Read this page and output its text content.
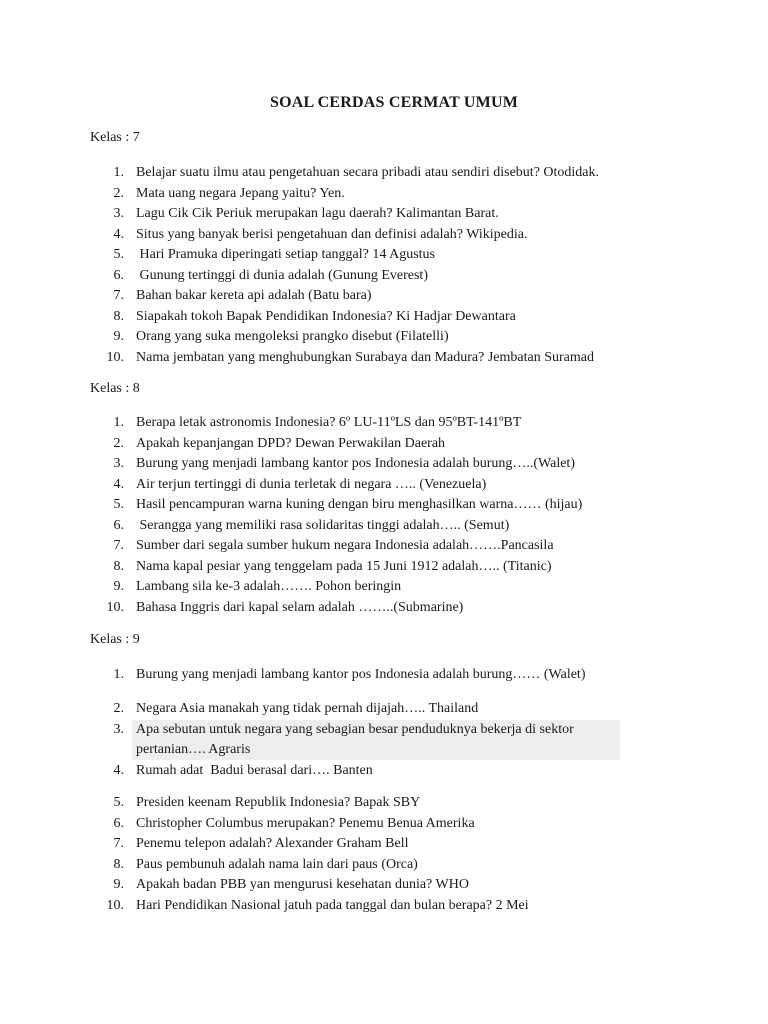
SOAL CERDAS CERMAT UMUM
Kelas : 7
1. Belajar suatu ilmu atau pengetahuan secara pribadi atau sendiri disebut? Otodidak.
2. Mata uang negara Jepang yaitu? Yen.
3. Lagu Cik Cik Periuk merupakan lagu daerah? Kalimantan Barat.
4. Situs yang banyak berisi pengetahuan dan definisi adalah? Wikipedia.
5. Hari Pramuka diperingati setiap tanggal? 14 Agustus
6. Gunung tertinggi di dunia adalah (Gunung Everest)
7. Bahan bakar kereta api adalah (Batu bara)
8. Siapakah tokoh Bapak Pendidikan Indonesia? Ki Hadjar Dewantara
9. Orang yang suka mengoleksi prangko disebut (Filatelli)
10. Nama jembatan yang menghubungkan Surabaya dan Madura? Jembatan Suramad
Kelas : 8
1. Berapa letak astronomis Indonesia? 6º LU-11ºLS dan 95ºBT-141ºBT
2. Apakah kepanjangan DPD? Dewan Perwakilan Daerah
3. Burung yang menjadi lambang kantor pos Indonesia adalah burung…..(Walet)
4. Air terjun tertinggi di dunia terletak di negara ….. (Venezuela)
5. Hasil pencampuran warna kuning dengan biru menghasilkan warna…… (hijau)
6. Serangga yang memiliki rasa solidaritas tinggi adalah….. (Semut)
7. Sumber dari segala sumber hukum negara Indonesia adalah…….Pancasila
8. Nama kapal pesiar yang tenggelam pada 15 Juni 1912 adalah….. (Titanic)
9. Lambang sila ke-3 adalah……. Pohon beringin
10. Bahasa Inggris dari kapal selam adalah ……..(Submarine)
Kelas : 9
1. Burung yang menjadi lambang kantor pos Indonesia adalah burung…… (Walet)
2. Negara Asia manakah yang tidak pernah dijajah….. Thailand
3. Apa sebutan untuk negara yang sebagian besar penduduknya bekerja di sektor pertanian…. Agraris
4. Rumah adat  Badui berasal dari…. Banten
5. Presiden keenam Republik Indonesia? Bapak SBY
6. Christopher Columbus merupakan? Penemu Benua Amerika
7. Penemu telepon adalah? Alexander Graham Bell
8. Paus pembunuh adalah nama lain dari paus (Orca)
9. Apakah badan PBB yan mengurusi kesehatan dunia? WHO
10. Hari Pendidikan Nasional jatuh pada tanggal dan bulan berapa? 2 Mei
